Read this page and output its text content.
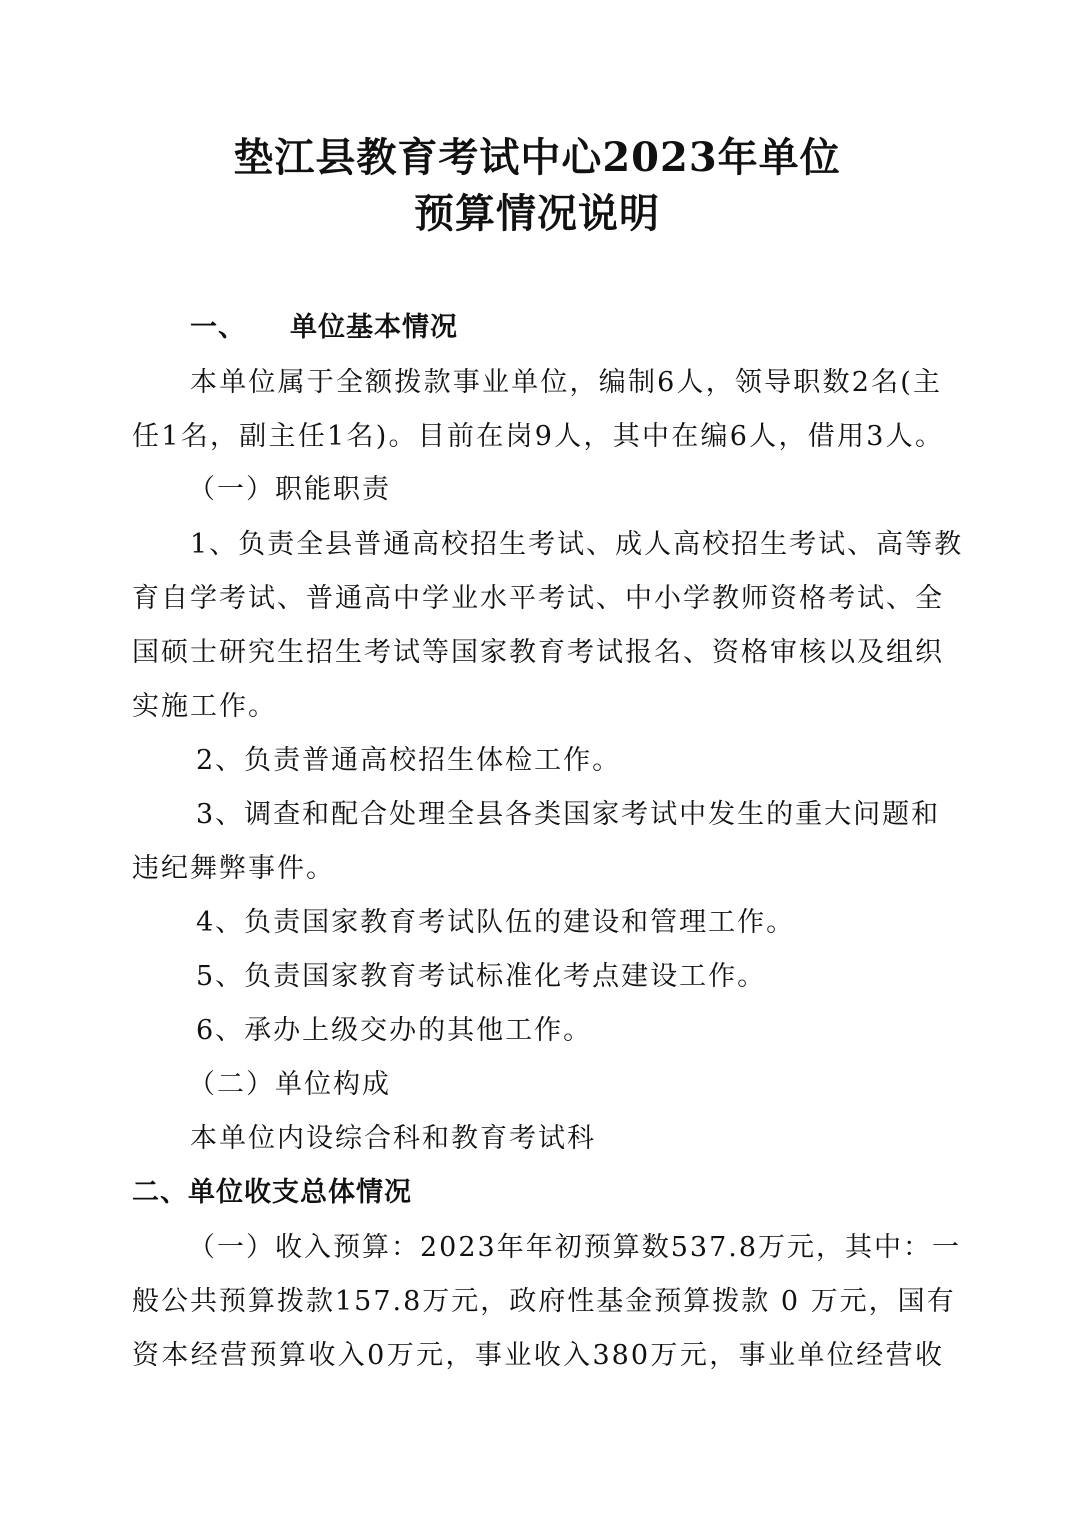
垫江县教育考试中心2023年单位
预算情况说明
一、 单位基本情况
本单位属于全额拨款事业单位，编制6人，领导职数2名(主
任1名，副主任1名)。目前在岗9人，其中在编6人，借用3人。
（一）职能职责
1、负责全县普通高校招生考试、成人高校招生考试、高等教
育自学考试、普通高中学业水平考试、中小学教师资格考试、全
国硕士研究生招生考试等国家教育考试报名、资格审核以及组织
实施工作。
2、负责普通高校招生体检工作。
3、调查和配合处理全县各类国家考试中发生的重大问题和
违纪舞弊事件。
4、负责国家教育考试队伍的建设和管理工作。
5、负责国家教育考试标准化考点建设工作。
6、承办上级交办的其他工作。
（二）单位构成
本单位内设综合科和教育考试科
二、单位收支总体情况
（一）收入预算：2023年年初预算数537.8万元，其中：一
般公共预算拨款157.8万元，政府性基金预算拨款 0 万元，国有
资本经营预算收入0万元，事业收入380万元，事业单位经营收
